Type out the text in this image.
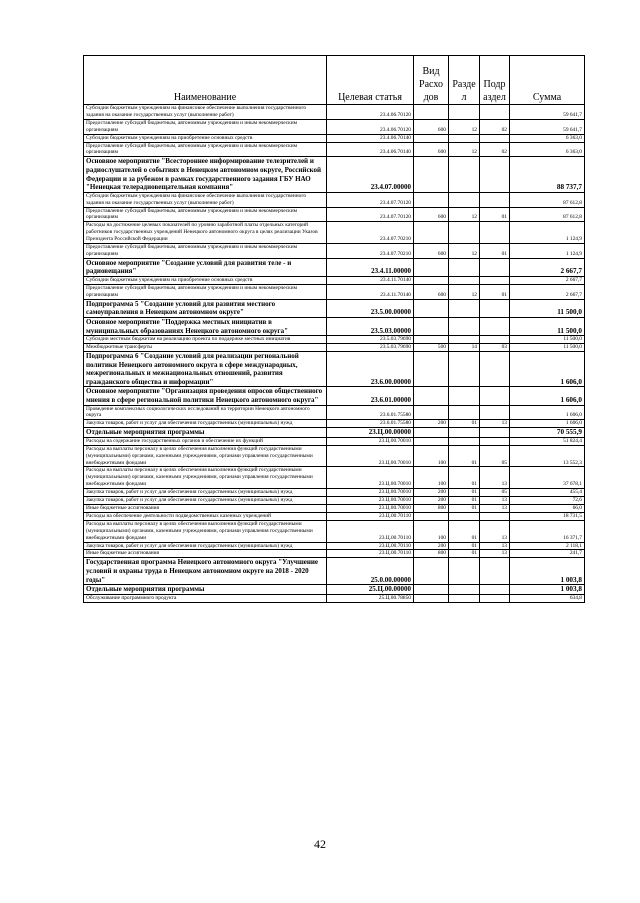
Наименование	Целевая статья	Вид Расхо дов	Разде л	Подр аздел	Сумма
Субсидии бюджетным учреждениям на финансовое обеспечение выполнения государственного задания на оказание государственных услуг (выполнение работ)	23.4.06.70120				59 641,7
Предоставление субсидий бюджетным, автономным учреждениям и иным некоммерческим организациям	23.4.06.70120	600	12	02	59 641,7
Субсидии бюджетным учреждениям на приобретение основных средств	23.4.06.70140				6 363,0
Предоставление субсидий бюджетным, автономным учреждениям и иным некоммерческим организациям	23.4.06.70140	600	12	02	6 363,0
Основное мероприятие "Всестороннее информирование телезрителей и радиослушателей о событиях в Ненецком автономном округе, Российской Федерации и за рубежом в рамках государственного задания ГБУ НАО "Ненецкая телерадиовещательная компания"	23.4.07.00000				88 737,7
Субсидии бюджетным учреждениям на финансовое обеспечение выполнения государственного задания на оказание государственных услуг (выполнение работ)	23.4.07.70120				87 612,8
Предоставление субсидий бюджетным, автономным учреждениям и иным некоммерческим организациям	23.4.07.70120	600	12	01	87 612,8
Расходы на достижение целевых показателей по уровню заработной платы отдельных категорий работников государственных учреждений Ненецкого автономного округа в целях реализации Указов Президента Российской Федерации	23.4.07.70210				1 124,9
Предоставление субсидий бюджетным, автономным учреждениям и иным некоммерческим организациям	23.4.07.70210	600	12	01	1 124,9
Основное мероприятие "Создание условий для развития теле - и радиовещания"	23.4.11.00000				2 667,7
Субсидии бюджетным учреждениям на приобретение основных средств	23.4.11.70140				2 667,7
Предоставление субсидий бюджетным, автономным учреждениям и иным некоммерческим организациям	23.4.11.70140	600	12	01	2 667,7
Подпрограмма 5 "Создание условий для развития местного самоуправления в Ненецком автономном округе"	23.5.00.00000				11 500,0
Основное мероприятие "Поддержка местных инициатив в муниципальных образованиях Ненецкого автономного округа"	23.5.03.00000				11 500,0
Субсидии местным бюджетам на реализацию проекта по поддержке местных инициатив	23.5.03.79690				11 500,0
Межбюджетные трансферты	23.5.03.79690	500	14	03	11 500,0
Подпрограмма 6 "Создание условий для реализации региональной политики Ненецкого автономного округа в сфере международных, межрегиональных и межнациональных отношений, развития гражданского общества и информации"	23.6.00.00000				1 606,0
Основное мероприятие "Организация проведения опросов общественного мнения в сфере региональной политики Ненецкого автономного округа"	23.6.01.00000				1 606,0
Проведение комплексных социологических исследований на территории Ненецкого автономного округа	23.6.01.75580				1 606,0
Закупка товаров, работ и услуг для обеспечения государственных (муниципальных) нужд	23.6.01.75580	200	01	13	1 606,0
Отдельные мероприятия программы	23.Ц.00.00000				70 555,9
Расходы на содержание государственных органов и обеспечение их функций	23.Ц.00.70010				51 824,4
Расходы на выплаты персоналу в целях обеспечения выполнения функций государственными (муниципальными) органами, казенными учреждениями, органами управления государственными внебюджетными фондами	23.Ц.00.70010	100	01	05	13 552,3
Расходы на выплаты персоналу в целях обеспечения выполнения функций государственными (муниципальными) органами, казенными учреждениями, органами управления государственными внебюджетными фондами	23.Ц.00.70010	100	01	13	37 678,1
Закупка товаров, работ и услуг для обеспечения государственных (муниципальных) нужд	23.Ц.00.70010	200	01	05	455,4
Закупка товаров, работ и услуг для обеспечения государственных (муниципальных) нужд	23.Ц.00.70010	200	01	13	72,6
Иные бюджетные ассигнования	23.Ц.00.70010	800	01	13	66,0
Расходы на обеспечение деятельности подведомственных казенных учреждений	23.Ц.00.70110				18 731,5
Расходы на выплаты персоналу в целях обеспечения выполнения функций государственными (муниципальными) органами, казенными учреждениями, органами управления государственными внебюджетными фондами	23.Ц.00.70110	100	01	13	16 371,7
Закупка товаров, работ и услуг для обеспечения государственных (муниципальных) нужд	23.Ц.00.70110	200	01	13	2 118,1
Иные бюджетные ассигнования	23.Ц.00.70110	800	01	13	241,7
Государственная программа Ненецкого автономного округа "Улучшение условий и охраны труда в Ненецком автономном округе на 2018 - 2020 годы"	25.0.00.00000				1 003,8
Отдельные мероприятия программы	25.Ц.00.00000				1 003,8
Обслуживание программного продукта	25.Ц.00.78850				634,8
42
